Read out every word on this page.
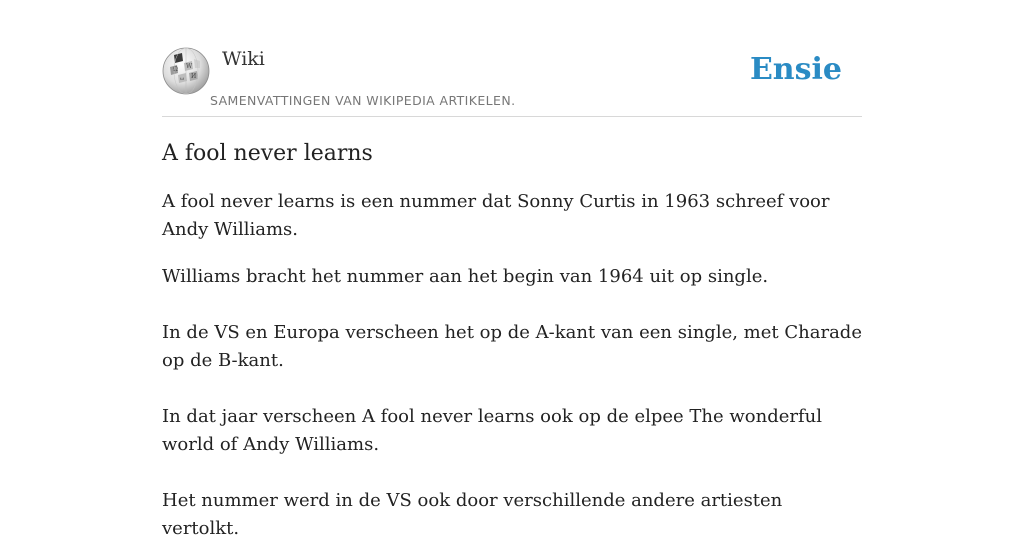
Ω W
И
ω
Wiki
SAMENVATTINGEN VAN WIKIPEDIA ARTIKELEN.
Ensie
A fool never learns

A fool never learns is een nummer dat Sonny Curtis in 1963 schreef voor Andy Williams.

Williams bracht het nummer aan het begin van 1964 uit op single.

In de VS en Europa verscheen het op de A-kant van een single, met Charade op de B-kant.

In dat jaar verscheen A fool never learns ook op de elpee The wonderful world of Andy Williams.

Het nummer werd in de VS ook door verschillende andere artiesten vertolkt.
